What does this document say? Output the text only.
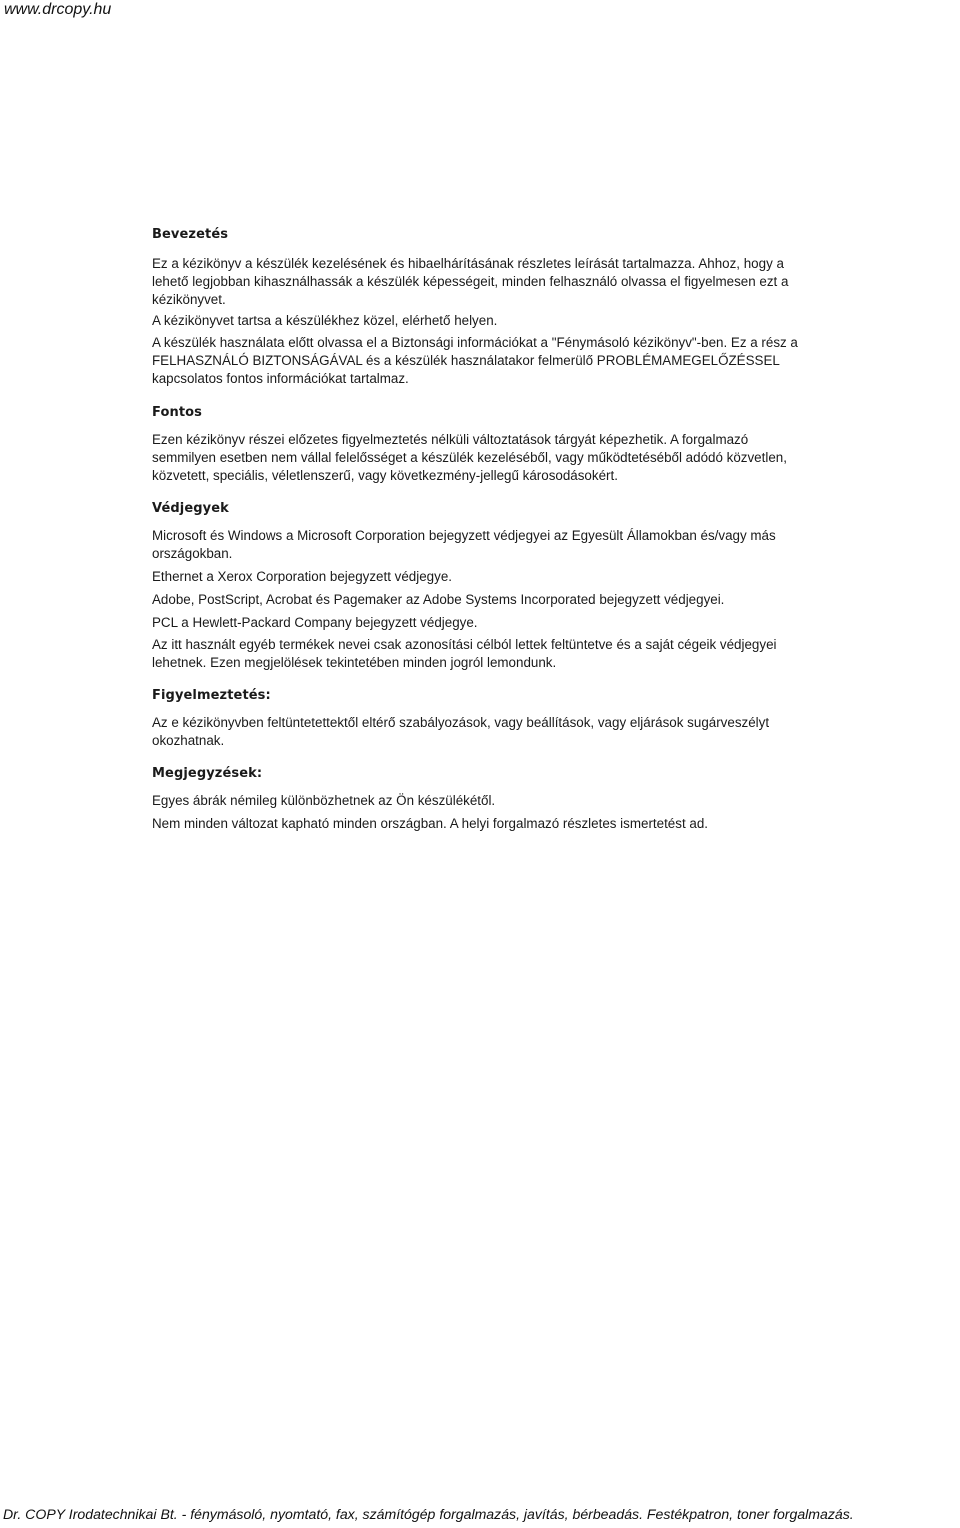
www.drcopy.hu
Bevezetés

Ez a kézikönyv a készülék kezelésének és hibaelhárításának részletes leírását tartalmazza. Ahhoz, hogy a lehető legjobban kihasználhassák a készülék képességeit, minden felhasználó olvassa el figyelmesen ezt a kézikönyvet.

A kézikönyvet tartsa a készülékhez közel, elérhető helyen.

A készülék használata előtt olvassa el a Biztonsági információkat a "Fénymásoló kézikönyv"-ben. Ez a rész a FELHASZNÁLÓ BIZTONSÁGÁVAL és a készülék használatakor felmerülő PROBLÉMAMEGELŐZÉSSEL kapcsolatos fontos információkat tartalmaz.

Fontos

Ezen kézikönyv részei előzetes figyelmeztetés nélküli változtatások tárgyát képezhetik. A forgalmazó semmilyen esetben nem vállal felelősséget a készülék kezeléséből, vagy működtetéséből adódó közvetlen, közvetett, speciális, véletlenszerű, vagy következmény-jellegű károsodásokért.

Védjegyek

Microsoft és Windows a Microsoft Corporation bejegyzett védjegyei az Egyesült Államokban és/vagy más országokban.

Ethernet a Xerox Corporation bejegyzett védjegye.

Adobe, PostScript, Acrobat és Pagemaker az Adobe Systems Incorporated bejegyzett védjegyei.

PCL a Hewlett-Packard Company bejegyzett védjegye.

Az itt használt egyéb termékek nevei csak azonosítási célból lettek feltüntetve és a saját cégeik védjegyei lehetnek. Ezen megjelölések tekintetében minden jogról lemondunk.

Figyelmeztetés:

Az e kézikönyvben feltüntetettektől eltérő szabályozások, vagy beállítások, vagy eljárások sugárveszélyt okozhatnak.

Megjegyzések:

Egyes ábrák némileg különbözhetnek az Ön készülékétől.

Nem minden változat kapható minden országban. A helyi forgalmazó részletes ismertetést ad.

Dr. COPY Irodatechnikai Bt. - fénymásoló, nyomtató, fax, számítógép forgalmazás, javítás, bérbeadás. Festékpatron, toner forgalmazás.
